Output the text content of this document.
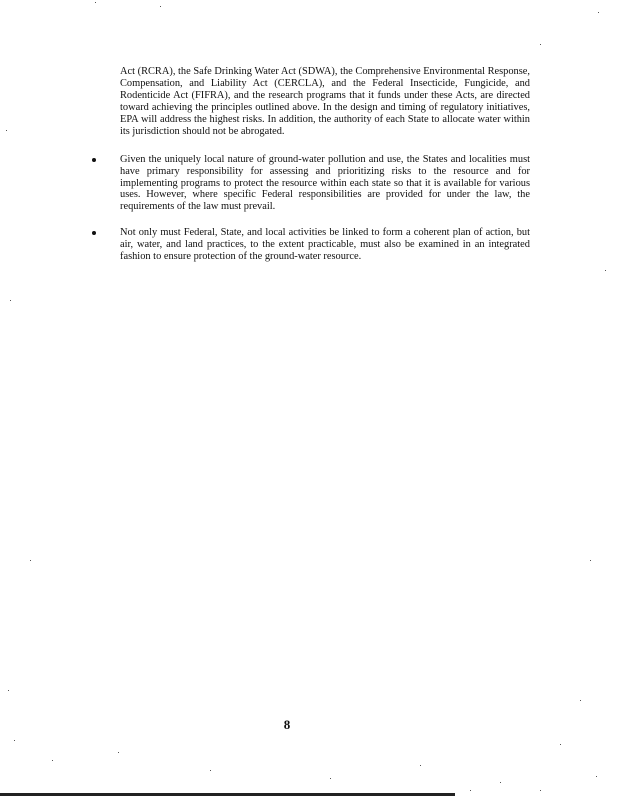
Act (RCRA), the Safe Drinking Water Act (SDWA), the Comprehensive Environmental Response, Compensation, and Liability Act (CERCLA), and the Federal Insecticide, Fungicide, and Rodenticide Act (FIFRA), and the research programs that it funds under these Acts, are directed toward achieving the principles outlined above. In the design and timing of regulatory initiatives, EPA will address the highest risks. In addition, the authority of each State to allocate water within its jurisdiction should not be abrogated.

Given the uniquely local nature of ground-water pollution and use, the States and localities must have primary responsibility for assessing and prioritizing risks to the resource and for implementing programs to protect the resource within each state so that it is available for various uses. However, where specific Federal responsibilities are provided for under the law, the requirements of the law must prevail.

Not only must Federal, State, and local activities be linked to form a coherent plan of action, but air, water, and land practices, to the extent practicable, must also be examined in an integrated fashion to ensure protection of the ground-water resource.

8
